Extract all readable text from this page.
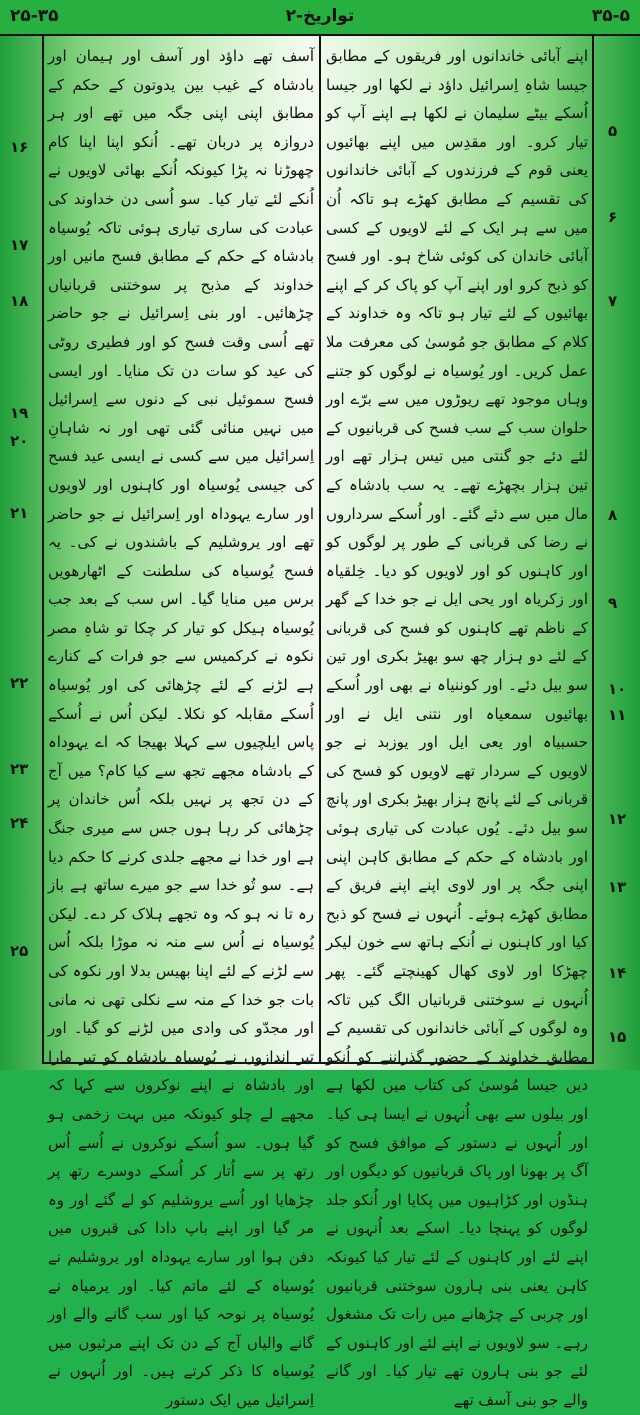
۲۵-۳۵	۲-تواریخ	۳۵-۵

اپنے آبائی خاندانوں اور فریقوں کے مطابق جیسا شاہِ اِسرائیل داؤد نے لکھا اور جیسا اُسکے بیٹے سلیمان نے لکھا ہے اپنے آپ کو تیار کرو۔ اور مقدِس میں اپنے بھائیوں یعنی قوم کے فرزندوں کے آبائی خاندانوں کی تقسیم کے مطابق کھڑے ہو تاکہ اُن میں سے ہر ایک کے لئے لاویوں کے کسی آبائی خاندان کی کوئی شاخ ہو۔ اور فسح کو ذبح کرو اور اپنے آپ کو پاک کر کے اپنے بھائیوں کے لئے تیار ہو تاکہ وہ خداوند کے کلام کے مطابق جو مُوسیٰ کی معرفت ملا عمل کریں۔ اور یُوسیاہ نے لوگوں کو جتنے وہاں موجود تھے ریوڑوں میں سے برّے اور حلوان سب کے سب فسح کی قربانیوں کے لئے دئے جو گنتی میں تیس ہزار تھے اور تین ہزار بچھڑے تھے۔ یہ سب بادشاہ کے مال میں سے دئے گئے۔ اور اُسکے سرداروں نے رضا کی قربانی کے طور پر لوگوں کو اور کاہنوں کو اور لاویوں کو دیا۔ خِلقیاہ اور زکریاہ اور یحی ایل نے جو خدا کے گھر کے ناظم تھے کاہنوں کو فسح کی قربانی کے لئے دو ہزار چھ سو بھیڑ بکری اور تین سو بیل دئے۔ اور کوننیاہ نے بھی اور اُسکے بھائیوں سمعیاہ اور نتنی ایل نے اور حسبیاہ اور یعی ایل اور یوزبد نے جو لاویوں کے سردار تھے لاویوں کو فسح کی قربانی کے لئے پانچ ہزار بھیڑ بکری اور پانچ سو بیل دئے۔ یُوں عبادت کی تیاری ہوئی اور بادشاہ کے حکم کے مطابق کاہن اپنی اپنی جگہ پر اور لاوی اپنے اپنے فریق کے مطابق کھڑے ہوئے۔ اُنہوں نے فسح کو ذبح کیا اور کاہنوں نے اُنکے ہاتھ سے خون لیکر چھڑکا اور لاوی کھال کھینچتے گئے۔ پھر اُنہوں نے سوختنی قربانیاں الگ کیں تاکہ وہ لوگوں کے آبائی خاندانوں کی تقسیم کے مطابق خداوند کے حضور گذراننے کو اُنکو دیں جیسا مُوسیٰ کی کتاب میں لکھا ہے اور بیلوں سے بھی اُنہوں نے ایسا ہی کیا۔ اور اُنہوں نے دستور کے موافق فسح کو آگ پر بھونا اور پاک قربانیوں کو دیگوں اور ہنڈوں اور کڑاہیوں میں پکایا اور اُنکو جلد لوگوں کو پہنچا دیا۔ اسکے بعد اُنہوں نے اپنے لئے اور کاہنوں کے لئے تیار کیا کیونکہ کاہن یعنی بنی ہارون سوختنی قربانیوں اور چربی کے چڑھانے میں رات تک مشغول رہے۔ سو لاویوں نے اپنے لئے اور کاہنوں کے لئے جو بنی ہارون تھے تیار کیا۔ اور گانے والے جو بنی آسف تھے

آسف تھے داؤد اور آسف اور ہیمان اور بادشاہ کے غیب بین یدوتون کے حکم کے مطابق اپنی اپنی جگہ میں تھے اور ہر دروازہ پر دربان تھے۔ اُنکو اپنا اپنا کام چھوڑنا نہ پڑا کیونکہ اُنکے بھائی لاویوں نے اُنکے لئے تیار کیا۔ سو اُسی دن خداوند کی عبادت کی ساری تیاری ہوئی تاکہ یُوسیاہ بادشاہ کے حکم کے مطابق فسح مانیں اور خداوند کے مذبح پر سوختنی قربانیاں چڑھائیں۔ اور بنی اِسرائیل نے جو حاضر تھے اُسی وقت فسح کو اور فطیری روٹی کی عید کو سات دن تک منایا۔ اور ایسی فسح سموئیل نبی کے دنوں سے اِسرائیل میں نہیں منائی گئی تھی اور نہ شاہانِ اِسرائیل میں سے کسی نے ایسی عید فسح کی جیسی یُوسیاہ اور کاہنوں اور لاویوں اور سارے یہوداہ اور اِسرائیل نے جو حاضر تھے اور یروشلیم کے باشندوں نے کی۔ یہ فسح یُوسیاہ کی سلطنت کے اٹھارھویں برس میں منایا گیا۔ اس سب کے بعد جب یُوسیاہ ہیکل کو تیار کر چکا تو شاہِ مصر نکوہ نے کرکمیس سے جو فرات کے کنارے ہے لڑنے کے لئے چڑھائی کی اور یُوسیاہ اُسکے مقابلہ کو نکلا۔ لیکن اُس نے اُسکے پاس ایلچیوں سے کہلا بھیجا کہ اے یہوداہ کے بادشاہ مجھے تجھ سے کیا کام؟ میں آج کے دن تجھ پر نہیں بلکہ اُس خاندان پر چڑھائی کر رہا ہوں جس سے میری جنگ ہے اور خدا نے مجھے جلدی کرنے کا حکم دیا ہے۔ سو تُو خدا سے جو میرے ساتھ ہے باز رہ تا نہ ہو کہ وہ تجھے ہلاک کر دے۔ لیکن یُوسیاہ نے اُس سے منہ نہ موڑا بلکہ اُس سے لڑنے کے لئے اپنا بھیس بدلا اور نکوہ کی بات جو خدا کے منہ سے نکلی تھی نہ مانی اور مجدّو کی وادی میں لڑنے کو گیا۔ اور تیر اندازوں نے یُوسیاہ بادشاہ کو تیر مارا اور بادشاہ نے اپنے نوکروں سے کہا کہ مجھے لے چلو کیونکہ میں بہت زخمی ہو گیا ہوں۔ سو اُسکے نوکروں نے اُسے اُس رتھ پر سے اُتار کر اُسکے دوسرے رتھ پر چڑھایا اور اُسے یروشلیم کو لے گئے اور وہ مر گیا اور اپنے باپ دادا کی قبروں میں دفن ہوا اور سارے یہوداہ اور یروشلیم نے یُوسیاہ کے لئے ماتم کیا۔ اور یرمیاہ نے یُوسیاہ پر نوحہ کیا اور سب گانے والے اور گانے والیاں آج کے دن تک اپنے مرثیوں میں یُوسیاہ کا ذکر کرتے ہیں۔ اور اُنہوں نے اِسرائیل میں ایک دستور

۵
۶
۷
۸
۹
۱۰
۱۱
۱۲
۱۳
۱۴
۱۵
۱۶
۱۷
۱۸
۱۹
۲۰
۲۱
۲۲
۲۳
۲۴
۲۵
